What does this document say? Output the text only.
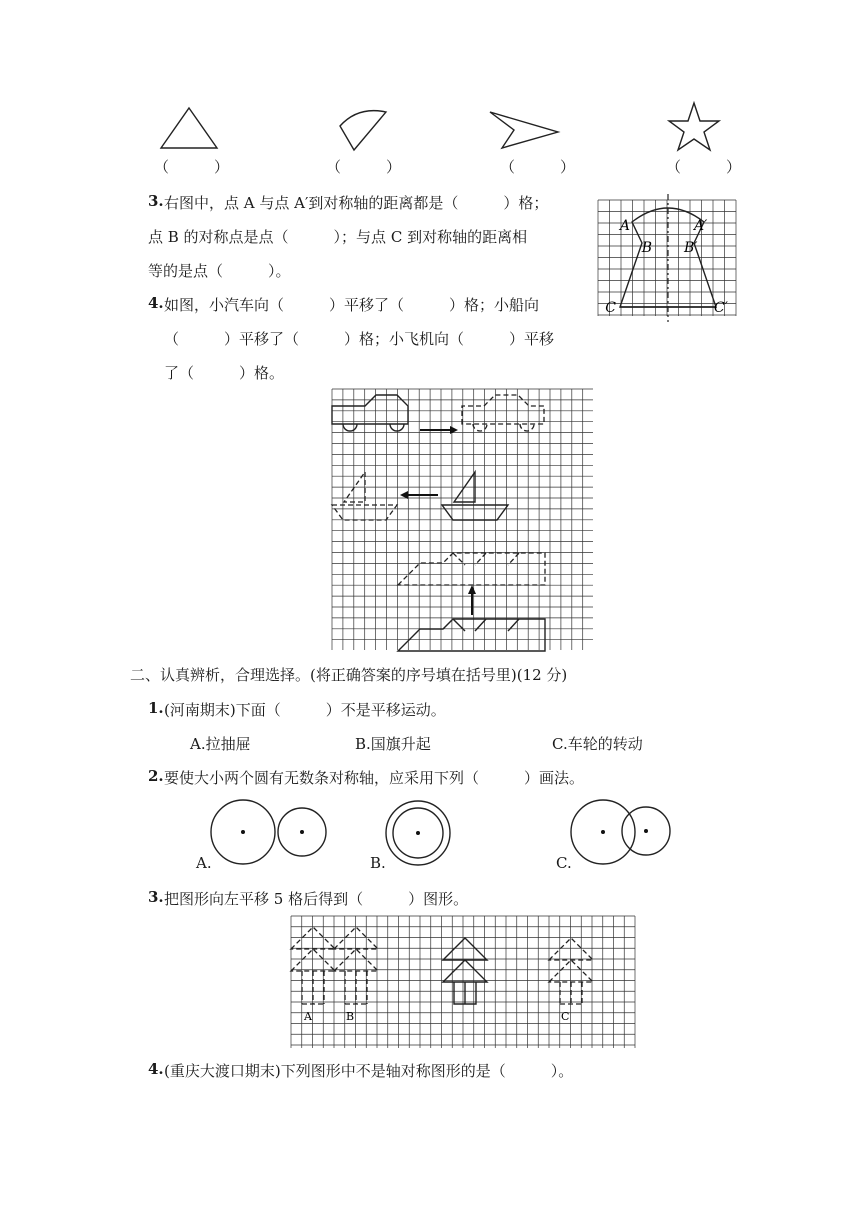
（　　　）	（　　　）	（　　　）	（　　　）
3. 右图中，点 A 与点 A′到对称轴的距离都是（　　　）格；
点 B 的对称点是点（　　　）；与点 C 到对称轴的距离相
等的是点（　　　）。
A	A′
B B′
C	C′
4. 如图，小汽车向（　　　）平移了（　　　）格；小船向
（　　　）平移了（　　　）格；小飞机向（　　　）平移
了（　　　）格。
二、认真辨析，合理选择。(将正确答案的序号填在括号里)(12 分)
1. (河南期末)下面（　　　）不是平移运动。
A.拉抽屉	B.国旗升起	C.车轮的转动
2. 要使大小两个圆有无数条对称轴，应采用下列（　　　）画法。
A.	B.	C.
3. 把图形向左平移 5 格后得到（　　　）图形。
A	B	C
4. (重庆大渡口期末)下列图形中不是轴对称图形的是（　　　）。
